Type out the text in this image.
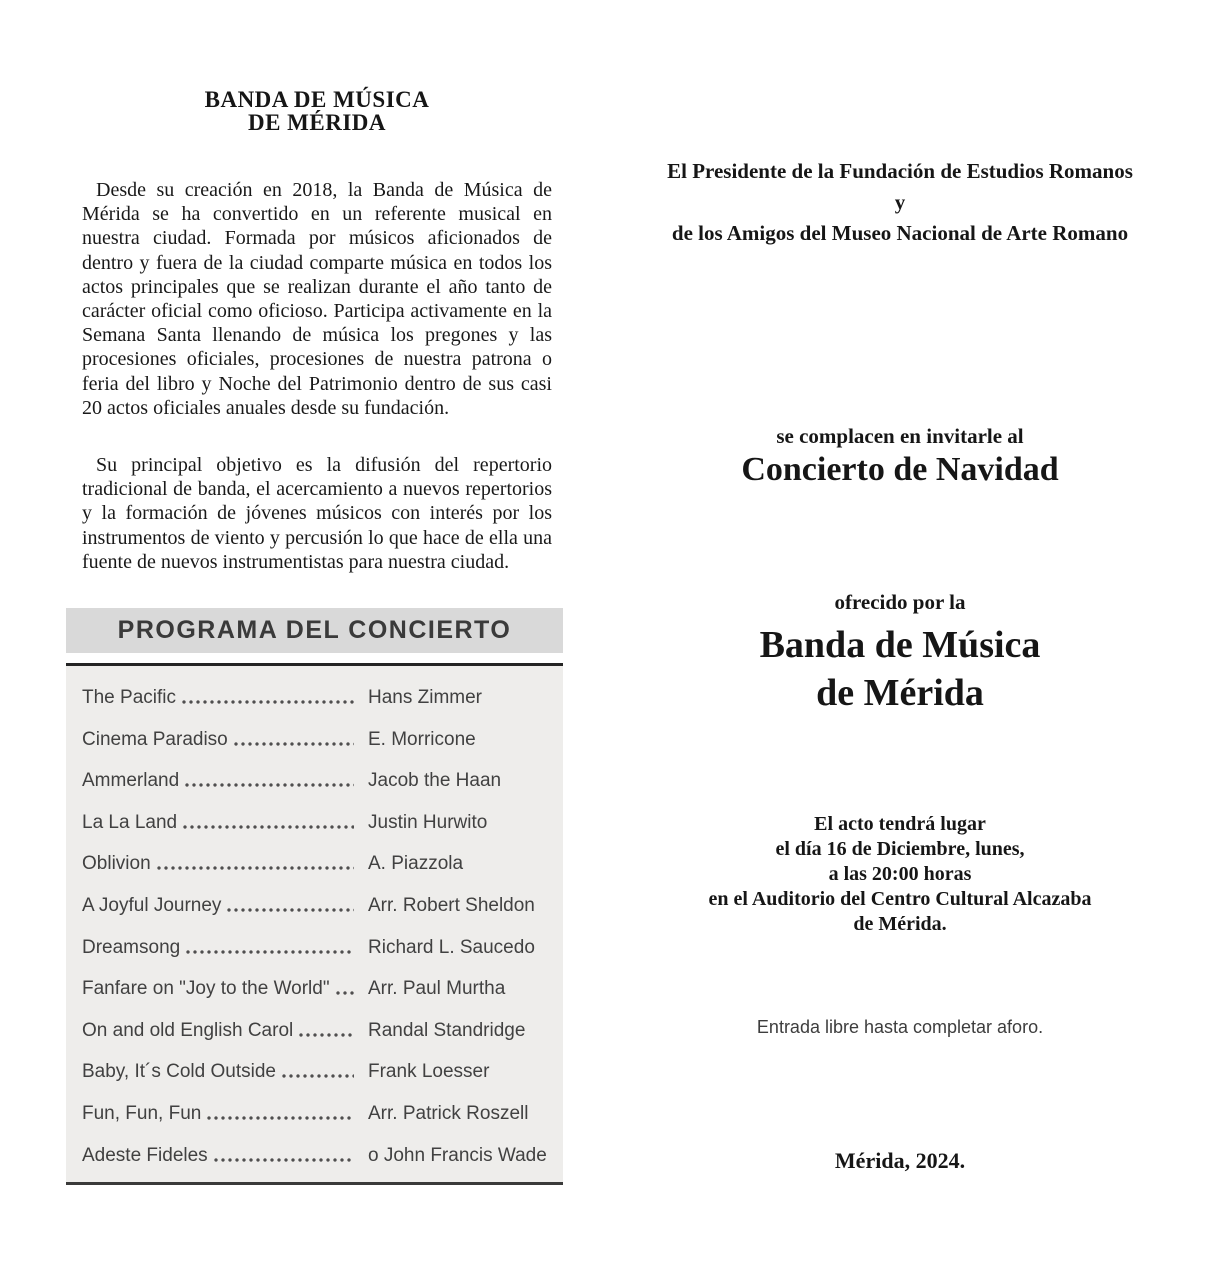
BANDA DE MÚSICA
DE MÉRIDA

Desde su creación en 2018, la Banda de Música de Mérida se ha convertido en un referente musical en nuestra ciudad. Formada por músicos aficionados de dentro y fuera de la ciudad comparte música en todos los actos principales que se realizan durante el año tanto de carácter oficial como oficioso. Participa activamente en la Semana Santa llenando de música los pregones y las procesiones oficiales, procesiones de nuestra patrona o feria del libro y Noche del Patrimonio dentro de sus casi 20 actos oficiales anuales desde su fundación.

Su principal objetivo es la difusión del repertorio tradicional de banda, el acercamiento a nuevos repertorios y la formación de jóvenes músicos con interés por los instrumentos de viento y percusión lo que hace de ella una fuente de nuevos instrumentistas para nuestra ciudad.

PROGRAMA DEL CONCIERTO
The Pacific	Hans Zimmer
Cinema Paradiso	E. Morricone
Ammerland	Jacob the Haan
La La Land	Justin Hurwito
Oblivion	A. Piazzola
A Joyful Journey	Arr. Robert Sheldon
Dreamsong	Richard L. Saucedo
Fanfare on "Joy to the World" Arr. Paul Murtha
On and old English Carol	Randal Standridge
Baby, It´s Cold Outside	Frank Loesser
Fun, Fun, Fun	Arr. Patrick Roszell
Adeste Fideles	o John Francis Wade
El Presidente de la Fundación de Estudios Romanos
y
de los Amigos del Museo Nacional de Arte Romano
se complacen en invitarle al
Concierto de Navidad
ofrecido por la
Banda de Música
de Mérida
El acto tendrá lugar
el día 16 de Diciembre, lunes,
a las 20:00 horas
en el Auditorio del Centro Cultural Alcazaba
de Mérida.
Entrada libre hasta completar aforo.
Mérida, 2024.
